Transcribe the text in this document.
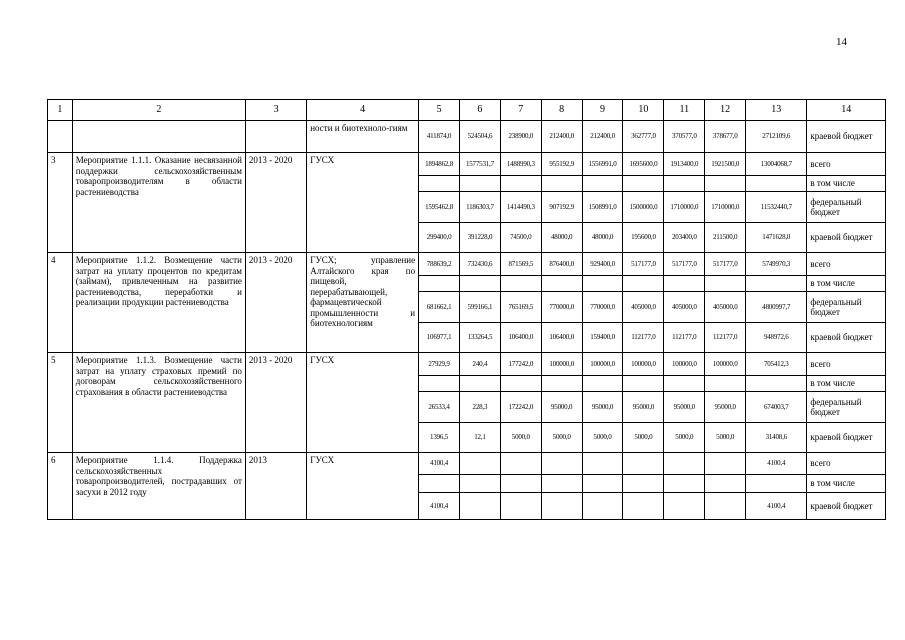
14
1	2	3	4	5	6	7	8	9	10	11	12	13	14
			ности и биотехноло-гиям	411874,0	524504,6	238900,0	212400,0	212400,0	362777,0	370577,0	378677,0	2712109,6	краевой бюджет
3	Мероприятие 1.1.1. Оказание несвязанной поддержки сельскохозяйственным товаропроизводителям в области растениеводства	2013 - 2020	ГУСХ	1894862,8	1577531,7	1488990,3	955192,9	1556991,0	1695600,0	1913400,0	1921500,0	13004068,7	всего
													в том числе
				1595462,8	1186303,7	1414490,3	907192,9	1508991,0	1500000,0	1710000,0	1710000,0	11532440,7	федеральный бюджет
				299400,0	391228,0	74500,0	48000,0	48000,0	195600,0	203400,0	211500,0	1471628,0	краевой бюджет
4	Мероприятие 1.1.2. Возмещение части затрат на уплату процентов по кредитам (займам), привлеченным на развитие растениеводства, переработки и реализации продукции растениеводства	2013 - 2020	ГУСХ; управление Алтайского края по пищевой, перерабатывающей, фармацевтической промышленности и биотехнологиям	788639,2	732430,6	871569,5	876400,0	929400,0	517177,0	517177,0	517177,0	5749970,3	всего
													в том числе
				681662,1	599166,1	765169,5	770000,0	770000,0	405000,0	405000,0	405000,0	4800997,7	федеральный бюджет
				106977,1	133264,5	106400,0	106400,0	159400,0	112177,0	112177,0	112177,0	948972,6	краевой бюджет
5	Мероприятие 1.1.3. Возмещение части затрат на уплату страховых премий по договорам сельскохозяйственного страхования в области растениеводства	2013 - 2020	ГУСХ	27929,9	240,4	177242,0	100000,0	100000,0	100000,0	100000,0	100000,0	705412,3	всего
													в том числе
				26533,4	228,3	172242,0	95000,0	95000,0	95000,0	95000,0	95000,0	674003,7	федеральный бюджет
				1396,5	12,1	5000,0	5000,0	5000,0	5000,0	5000,0	5000,0	31408,6	краевой бюджет
6	Мероприятие 1.1.4. Поддержка сельскохозяйственных товаропроизводителей, пострадавших от засухи в 2012 году	2013	ГУСХ	4100,4								4100,4	всего
													в том числе
				4100,4								4100,4	краевой бюджет
